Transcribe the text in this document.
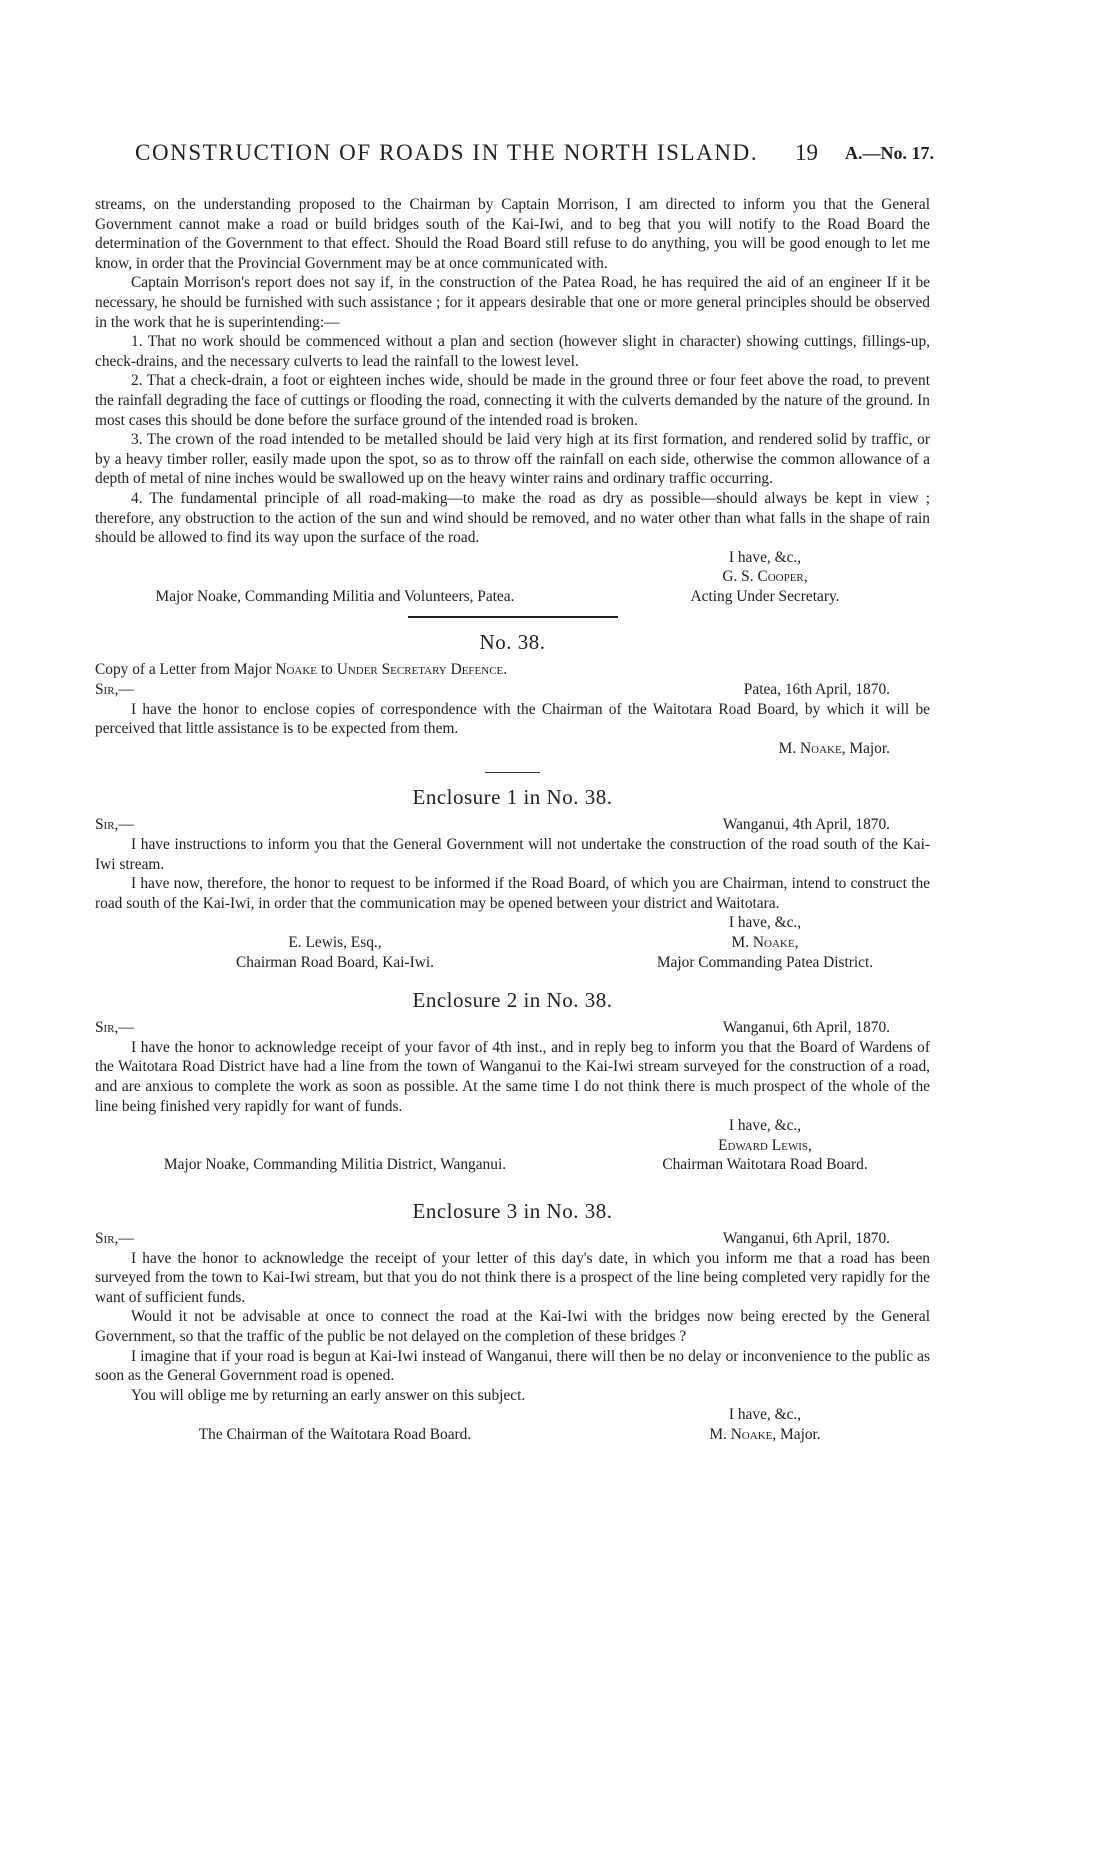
CONSTRUCTION OF ROADS IN THE NORTH ISLAND. 19 A.—No. 17.

streams, on the understanding proposed to the Chairman by Captain Morrison, I am directed to inform you that the General Government cannot make a road or build bridges south of the Kai-Iwi, and to beg that you will notify to the Road Board the determination of the Government to that effect. Should the Road Board still refuse to do anything, you will be good enough to let me know, in order that the Provincial Government may be at once communicated with.

Captain Morrison's report does not say if, in the construction of the Patea Road, he has required the aid of an engineer If it be necessary, he should be furnished with such assistance ; for it appears desirable that one or more general principles should be observed in the work that he is superintending:—

1. That no work should be commenced without a plan and section (however slight in character) showing cuttings, fillings-up, check-drains, and the necessary culverts to lead the rainfall to the lowest level.

2. That a check-drain, a foot or eighteen inches wide, should be made in the ground three or four feet above the road, to prevent the rainfall degrading the face of cuttings or flooding the road, connecting it with the culverts demanded by the nature of the ground. In most cases this should be done before the surface ground of the intended road is broken.

3. The crown of the road intended to be metalled should be laid very high at its first formation, and rendered solid by traffic, or by a heavy timber roller, easily made upon the spot, so as to throw off the rainfall on each side, otherwise the common allowance of a depth of metal of nine inches would be swallowed up on the heavy winter rains and ordinary traffic occurring.

4. The fundamental principle of all road-making—to make the road as dry as possible—should always be kept in view ; therefore, any obstruction to the action of the sun and wind should be removed, and no water other than what falls in the shape of rain should be allowed to find its way upon the surface of the road.

I have, &c.,
G. S. Cooper,
Major Noake, Commanding Militia and Volunteers, Patea.	Acting Under Secretary.
No. 38.

Copy of a Letter from Major Noake to Under Secretary Defence.

Sir,—	Patea, 16th April, 1870.

I have the honor to enclose copies of correspondence with the Chairman of the Waitotara Road Board, by which it will be perceived that little assistance is to be expected from them.

M. Noake, Major.
Enclosure 1 in No. 38.
Sir,—	Wanganui, 4th April, 1870.

I have instructions to inform you that the General Government will not undertake the construction of the road south of the Kai-Iwi stream.

I have now, therefore, the honor to request to be informed if the Road Board, of which you are Chairman, intend to construct the road south of the Kai-Iwi, in order that the communication may be opened between your district and Waitotara.

I have, &c.,
E. Lewis, Esq.,	M. Noake,
Chairman Road Board, Kai-Iwi.	Major Commanding Patea District.
Enclosure 2 in No. 38.
Sir,—	Wanganui, 6th April, 1870.

I have the honor to acknowledge receipt of your favor of 4th inst., and in reply beg to inform you that the Board of Wardens of the Waitotara Road District have had a line from the town of Wanganui to the Kai-Iwi stream surveyed for the construction of a road, and are anxious to complete the work as soon as possible. At the same time I do not think there is much prospect of the whole of the line being finished very rapidly for want of funds.

I have, &c.,
Edward Lewis,
Major Noake, Commanding Militia District, Wanganui.	Chairman Waitotara Road Board.
Enclosure 3 in No. 38.
Sir,—	Wanganui, 6th April, 1870.

I have the honor to acknowledge the receipt of your letter of this day's date, in which you inform me that a road has been surveyed from the town to Kai-Iwi stream, but that you do not think there is a prospect of the line being completed very rapidly for the want of sufficient funds.

Would it not be advisable at once to connect the road at the Kai-Iwi with the bridges now being erected by the General Government, so that the traffic of the public be not delayed on the completion of these bridges ?

I imagine that if your road is begun at Kai-Iwi instead of Wanganui, there will then be no delay or inconvenience to the public as soon as the General Government road is opened.

You will oblige me by returning an early answer on this subject.

I have, &c.,
The Chairman of the Waitotara Road Board.	M. Noake, Major.
